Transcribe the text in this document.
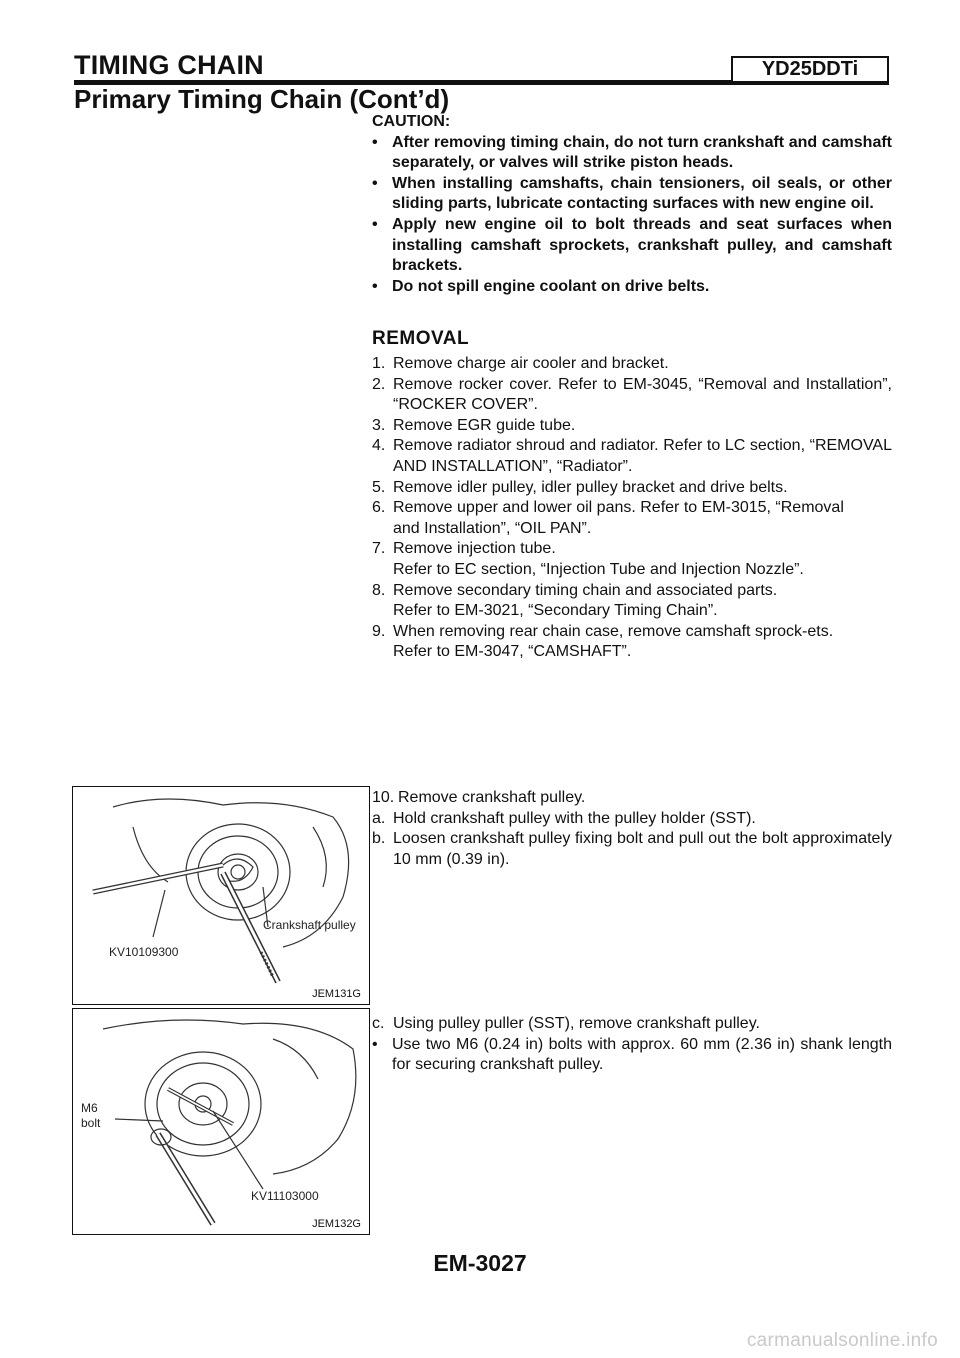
TIMING CHAIN	YD25DDTi
Primary Timing Chain (Cont’d)

CAUTION:

• After removing timing chain, do not turn crankshaft and camshaft separately, or valves will strike piston heads.
• When installing camshafts, chain tensioners, oil seals, or other sliding parts, lubricate contacting surfaces with new engine oil.
• Apply new engine oil to bolt threads and seat surfaces when installing camshaft sprockets, crankshaft pulley, and camshaft brackets.
• Do not spill engine coolant on drive belts.
REMOVAL
1. Remove charge air cooler and bracket.
2. Remove rocker cover. Refer to EM-3045, “Removal and Installation”, “ROCKER COVER”.
3. Remove EGR guide tube.
4. Remove radiator shroud and radiator. Refer to LC section, “REMOVAL AND INSTALLATION”, “Radiator”.
5. Remove idler pulley, idler pulley bracket and drive belts.
6. Remove upper and lower oil pans. Refer to EM-3015, “Removal
and Installation”, “OIL PAN”.
7. Remove injection tube.
Refer to EC section, “Injection Tube and Injection Nozzle”.
8. Remove secondary timing chain and associated parts.
Refer to EM-3021, “Secondary Timing Chain”.
9. When removing rear chain case, remove camshaft sprock-ets.
Refer to EM-3047, “CAMSHAFT”.
10. Remove crankshaft pulley.
a. Hold crankshaft pulley with the pulley holder (SST).
b. Loosen crankshaft pulley fixing bolt and pull out the bolt approximately 10 mm (0.39 in).
c. Using pulley puller (SST), remove crankshaft pulley.
• Use two M6 (0.24 in) bolts with approx. 60 mm (2.36 in) shank length for securing crankshaft pulley.
KV10109300
Crankshaft pulley
JEM131G
M6
bolt
KV11103000
JEM132G
EM-3027
carmanualsonline.info
